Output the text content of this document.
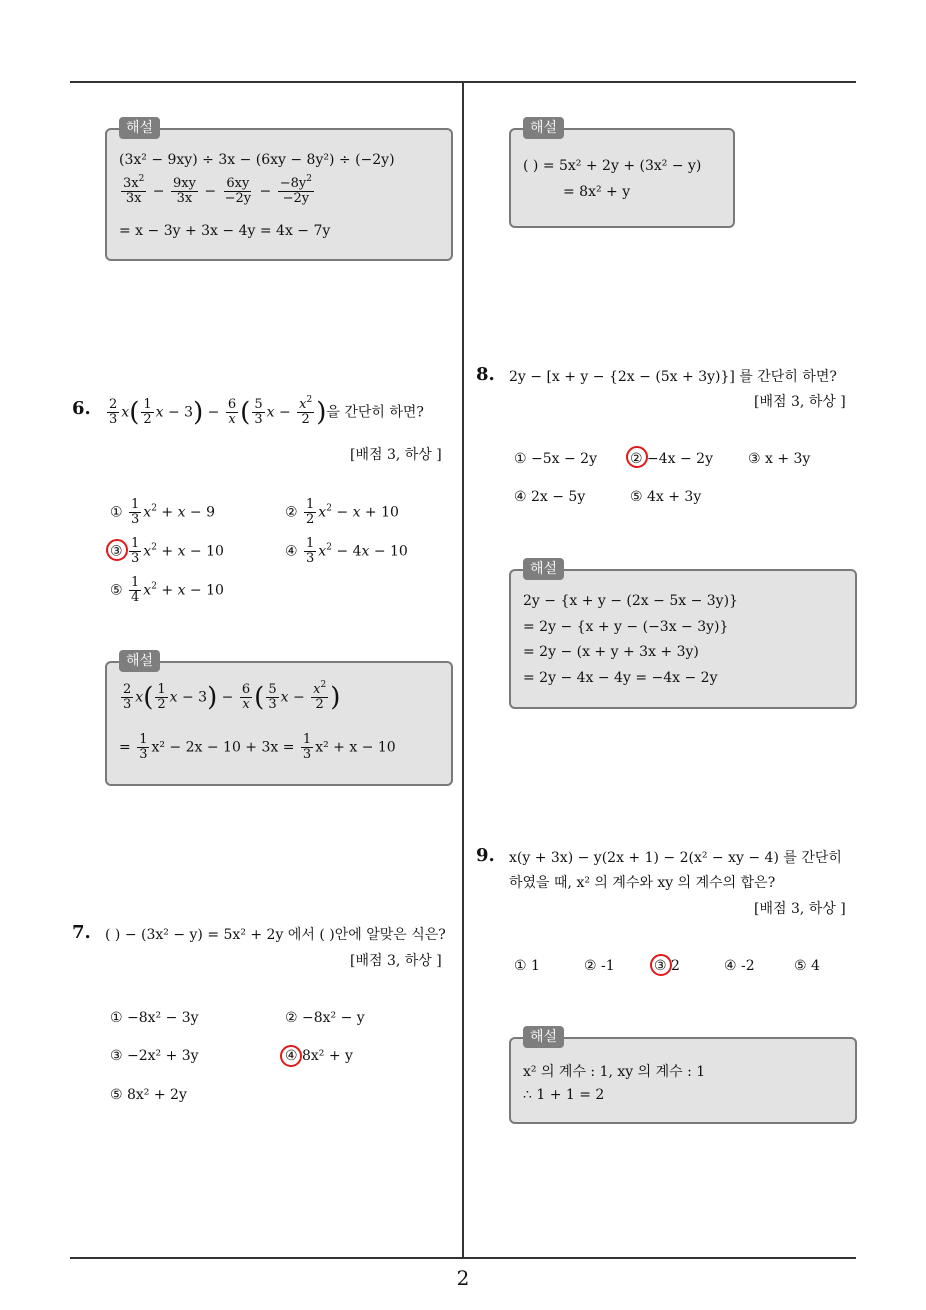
2
해설
(3x² − 9xy) ÷ 3x − (6xy − 8y²) ÷ (−2y)
$\frac{3x^2}{3x} - \frac{9xy}{3x} - \frac{6xy}{-2y} - \frac{-8y^2}{-2y}$
= x − 3y + 3x − 4y = 4x − 7y
6. $\frac{2}{3} x( \frac{1}{2}$ $x - 3) - \frac{6}{x}$ ( $\frac{5}{3}$ $x - \frac{x^2}{2}$ )을 간단히 하면?
[배점 3, 하상 ]
① $\frac{1}{3} x^2 + x - 9$	② $\frac{1}{2} x^2 - x + 10$
③ $\frac{1}{3} x^2 + x - 10$	④ $\frac{1}{3} x^2 - 4x - 10$
⑤ $\frac{1}{4} x^2 + x - 10$
해설
$\frac{2}{3} x( \frac{1}{2}$ $x - 3) - \frac{6}{x}$ ( $\frac{5}{3}$ $x - \frac{x^2}{2}$ )
= $\frac{1}{3} x^2 - 2x - 10 + 3x = \frac{1}{3} x^2 + x - 10$
7. ( ) − (3x² − y) = 5x² + 2y 에서 ( )안에 알맞은 식은?
[배점 3, 하상 ]
① −8x² − 3y	② −8x² − y
③ −2x² + 3y	④ 8x² + y
⑤ 8x² + 2y
해설
( ) = 5x² + 2y + (3x² − y)
= 8x² + y
8. 2y − [x + y − {2x − (5x + 3y)}] 를 간단히 하면?
[배점 3, 하상 ]
① −5x − 2y ② −4x − 2y	③ x + 3y
④ 2x − 5y	⑤ 4x + 3y
해설
2y − {x + y − (2x − 5x − 3y)}
= 2y − {x + y − (−3x − 3y)}
= 2y − (x + y + 3x + 3y)
= 2y − 4x − 4y = −4x − 2y
9. x(y + 3x) − y(2x + 1) − 2(x² − xy − 4) 를 간단히
하였을 때, x² 의 계수와 xy 의 계수의 합은?
[배점 3, 하상 ]
① 1	② -1	③ 2	④ -2	⑤ 4
해설
x² 의 계수 : 1, xy 의 계수 : 1
∴ 1 + 1 = 2
